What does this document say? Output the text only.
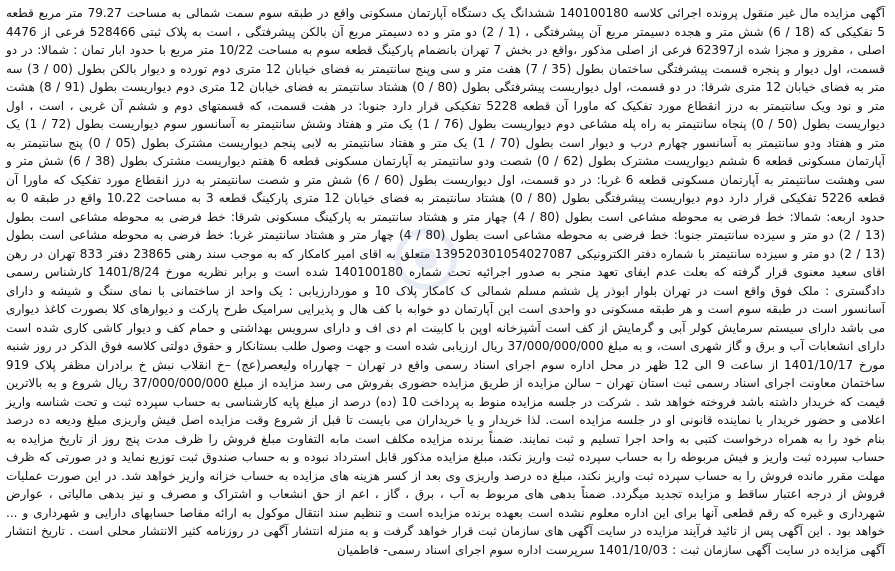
آگهی مزایده مال غیر منقول پرونده اجرائی کلاسه 140100180 ششدانگ یک دستگاه آپارتمان مسکونی واقع در طبقه سوم سمت شمالی به مساحت 79.27 متر مربع قطعه 5 تفکیکی که (18 / 6) شش متر و هجده دسیمتر مربع آن پیشرفتگی ، (1 / 2) دو متر و ده دسیمتر مربع آن بالکن پیشرفتگی ، است به پلاک ثبتی 528466 فرعی از 4476 اصلی ، مفروز و مجزا شده از62397 فرعی از اصلی مذکور ،واقع در بخش 7 تهران بانضمام پارکینگ قطعه سوم به مساحت 10/22 متر مربع با حدود ابار تمان : شمالا: در دو قسمت، اول دیوار و پنجره قسمت پیشرفتگی ساختمان بطول (35 / 7) هفت متر و سی وپنج سانتیمتر به فضای خیابان 12 متری دوم تورده و دیوار بالکن بطول (00 / 3) سه متر به فضای خیابان 12 متری شرقا: در دو قسمت، اول دیواریست پیشرفتگی بطول (80 / 0) هشتاد سانتیمتر به فضای خیابان 12 متری دوم دیواریست بطول (91 / 8) هشت متر و نود ویک سانتیمتر به درز انقطاع مورد تفکیک که ماورا آن قطعه 5228 تفکیکی قرار دارد جنوبا: در هفت قسمت، که قسمتهای دوم و ششم آن غربی ، است ، اول دیواریست بطول (50 / 0) پنجاه سانتیمتر به راه پله مشاعی دوم دیواریست بطول (76 / 1) یک متر و هفتاد وشش سانتیمتر به آسانسور سوم دیواریست بطول (72 / 1) یک متر و هفتاد ودو سانتیمتر به آسانسور چهارم درب و دیوار است بطول (70 / 1) یک متر و هفتاد سانتیمتر به لابی پنجم دیواریست مشترک بطول (05 / 0) پنج سانتیمتر به آپارتمان مسکونی قطعه 6 ششم دیواریست مشترک بطول (62 / 0) شصت ودو سانتیمتر به آپارتمان مسکونی قطعه 6 هفتم دیواریست مشترک بطول (38 / 6) شش متر و سی وهشت سانتیمتر به آپارتمان مسکونی قطعه 6 غربا: در دو قسمت، اول دیواریست بطول (60 / 6) شش متر و شصت سانتیمتر به درز انقطاع مورد تفکیک که ماورا آن قطعه 5226 تفکیکی قرار دارد دوم دیواریست پیشرفتگی بطول (80 / 0) هشتاد سانتیمتر به فضای خیابان 12 متری پارکینگ قطعه 3 به مساحت 10.22 واقع در طبقه 0 به حدود اربعه: شمالا: خط فرضی به محوطه مشاعی است بطول (80 / 4) چهار متر و هشتاد سانتیمتر به پارکینگ مسکونی شرقا: خط فرضی به محوطه مشاعی است بطول (13 / 2) دو متر و سیزده سانتیمتر جنوبا: خط فرضی به محوطه مشاعی است بطول (80 / 4) چهار متر و هشتاد سانتیمتر غربا: خط فرضی به محوطه مشاعی است بطول (13 / 2) دو متر و سیزده سانتیمتر با شماره دفتر الکترونیکی 139520301054027087 متعلق به اقای امیر کامکار که به موجب سند رهنی 23865 دفتر 833 تهران در رهن اقای سعید معنوی قرار گرفته که بعلت عدم ایفای تعهد منجر به صدور اجرائیه تحت شماره 140100180 شده است و برابر نظریه مورخ 1401/8/24 کارشناس رسمی دادگستری : ملک فوق واقع است در تهران بلوار ابوذر پل ششم مسلم شمالی ک کامکار پلاک 10 و موردارزیابی : یک واحد از ساختمانی با نمای سنگ و شیشه و دارای آسانسور است در طبقه سوم است و هر طبقه مسکونی دو واحدی است این آپارتمان دو خوابه با کف هال و پذیرایی سرامیک طرح پارکت و دیوارهای کلا بصورت کاغذ دیواری می باشد دارای سیستم سرمایش کولر آبی و گرمایش از کف است آشپزخانه اوپن با کابینت ام دی اف و دارای سرویس بهداشتی و حمام کف و دیوار کاشی کاری شده است دارای انشعابات آب و برق و گاز شهری است، و به مبلغ 37/000/000/000 ریال ارزیابی شده است و جهت وصول طلب بستانکار و حقوق دولتی کلاسه فوق الذکر در روز شنبه مورخ 1401/10/17 از ساعت 9 الی 12 ظهر در محل اداره سوم اجرای اسناد رسمی واقع در تهران – چهارراه ولیعصر(عج) –خ انقلاب نبش خ برادران مظفر پلاک 919 ساختمان معاونت اجرای اسناد رسمی ثبت استان تهران – سالن مزایده از طریق مزایده حضوری بفروش می رسد مزایده از مبلغ 37/000/000/000 ریال شروع و به بالاترین قیمت که خریدار داشته باشد فروخته خواهد شد . شرکت در جلسه مزایده منوط به پرداخت 10 (ده) درصد از مبلغ پایه کارشناسی به حساب سپرده ثبت و تحت شناسه واریز اعلامی و حضور خریدار یا نماینده قانونی او در جلسه مزایده است. لذا خریدار و یا خریداران می بایست تا قبل از شروع وقت مزایده اصل فیش واریزی مبلغ ودیعه ده درصد بنام خود را به همراه درخواست کتبی به واحد اجرا تسلیم و ثبت نمایند. ضمناً برنده مزایده مکلف است مابه التفاوت مبلغ فروش را ظرف مدت پنج روز از تاریخ مزایده به حساب سپرده ثبت واریز و فیش مربوطه را به حساب سپرده ثبت واریز نکند، مبلغ مزایده مذکور قابل استرداد نبوده و به حساب صندوق ثبت توزیع نماید و در صورتی که ظرف مهلت مقرر مانده فروش را به حساب سپرده ثبت واریز نکند، مبلغ ده درصد واریزی وی بعد از کسر هزینه های مزایده به حساب خزانه واریز خواهد شد. در این صورت عملیات فروش از درجه اعتبار ساقط و مزایده تجدید میگردد. ضمناً بدهی های مربوط به آب ، برق ، گاز ، اعم از حق انشعاب و اشتراک و مصرف و نیز بدهی مالیاتی ، عوارض شهرداری و غیره که رقم قطعی آنها برای این اداره معلوم نشده است بعهده برنده مزایده است و تنظیم سند انتقال موکول به ارائه مفاصا حسابهای دارایی و شهرداری و ... خواهد بود . این آگهی پس از تائید فرآیند مزایده در سایت آگهی های سازمان ثبت قرار خواهد گرفت و به منزله انتشار آگهی در روزنامه کثیر الانتشار محلی است . تاریخ انتشار آگهی مزایده در سایت آگهی سازمان ثبت : 1401/10/03 سرپرست اداره سوم اجرای اسناد رسمی- فاطمیان
